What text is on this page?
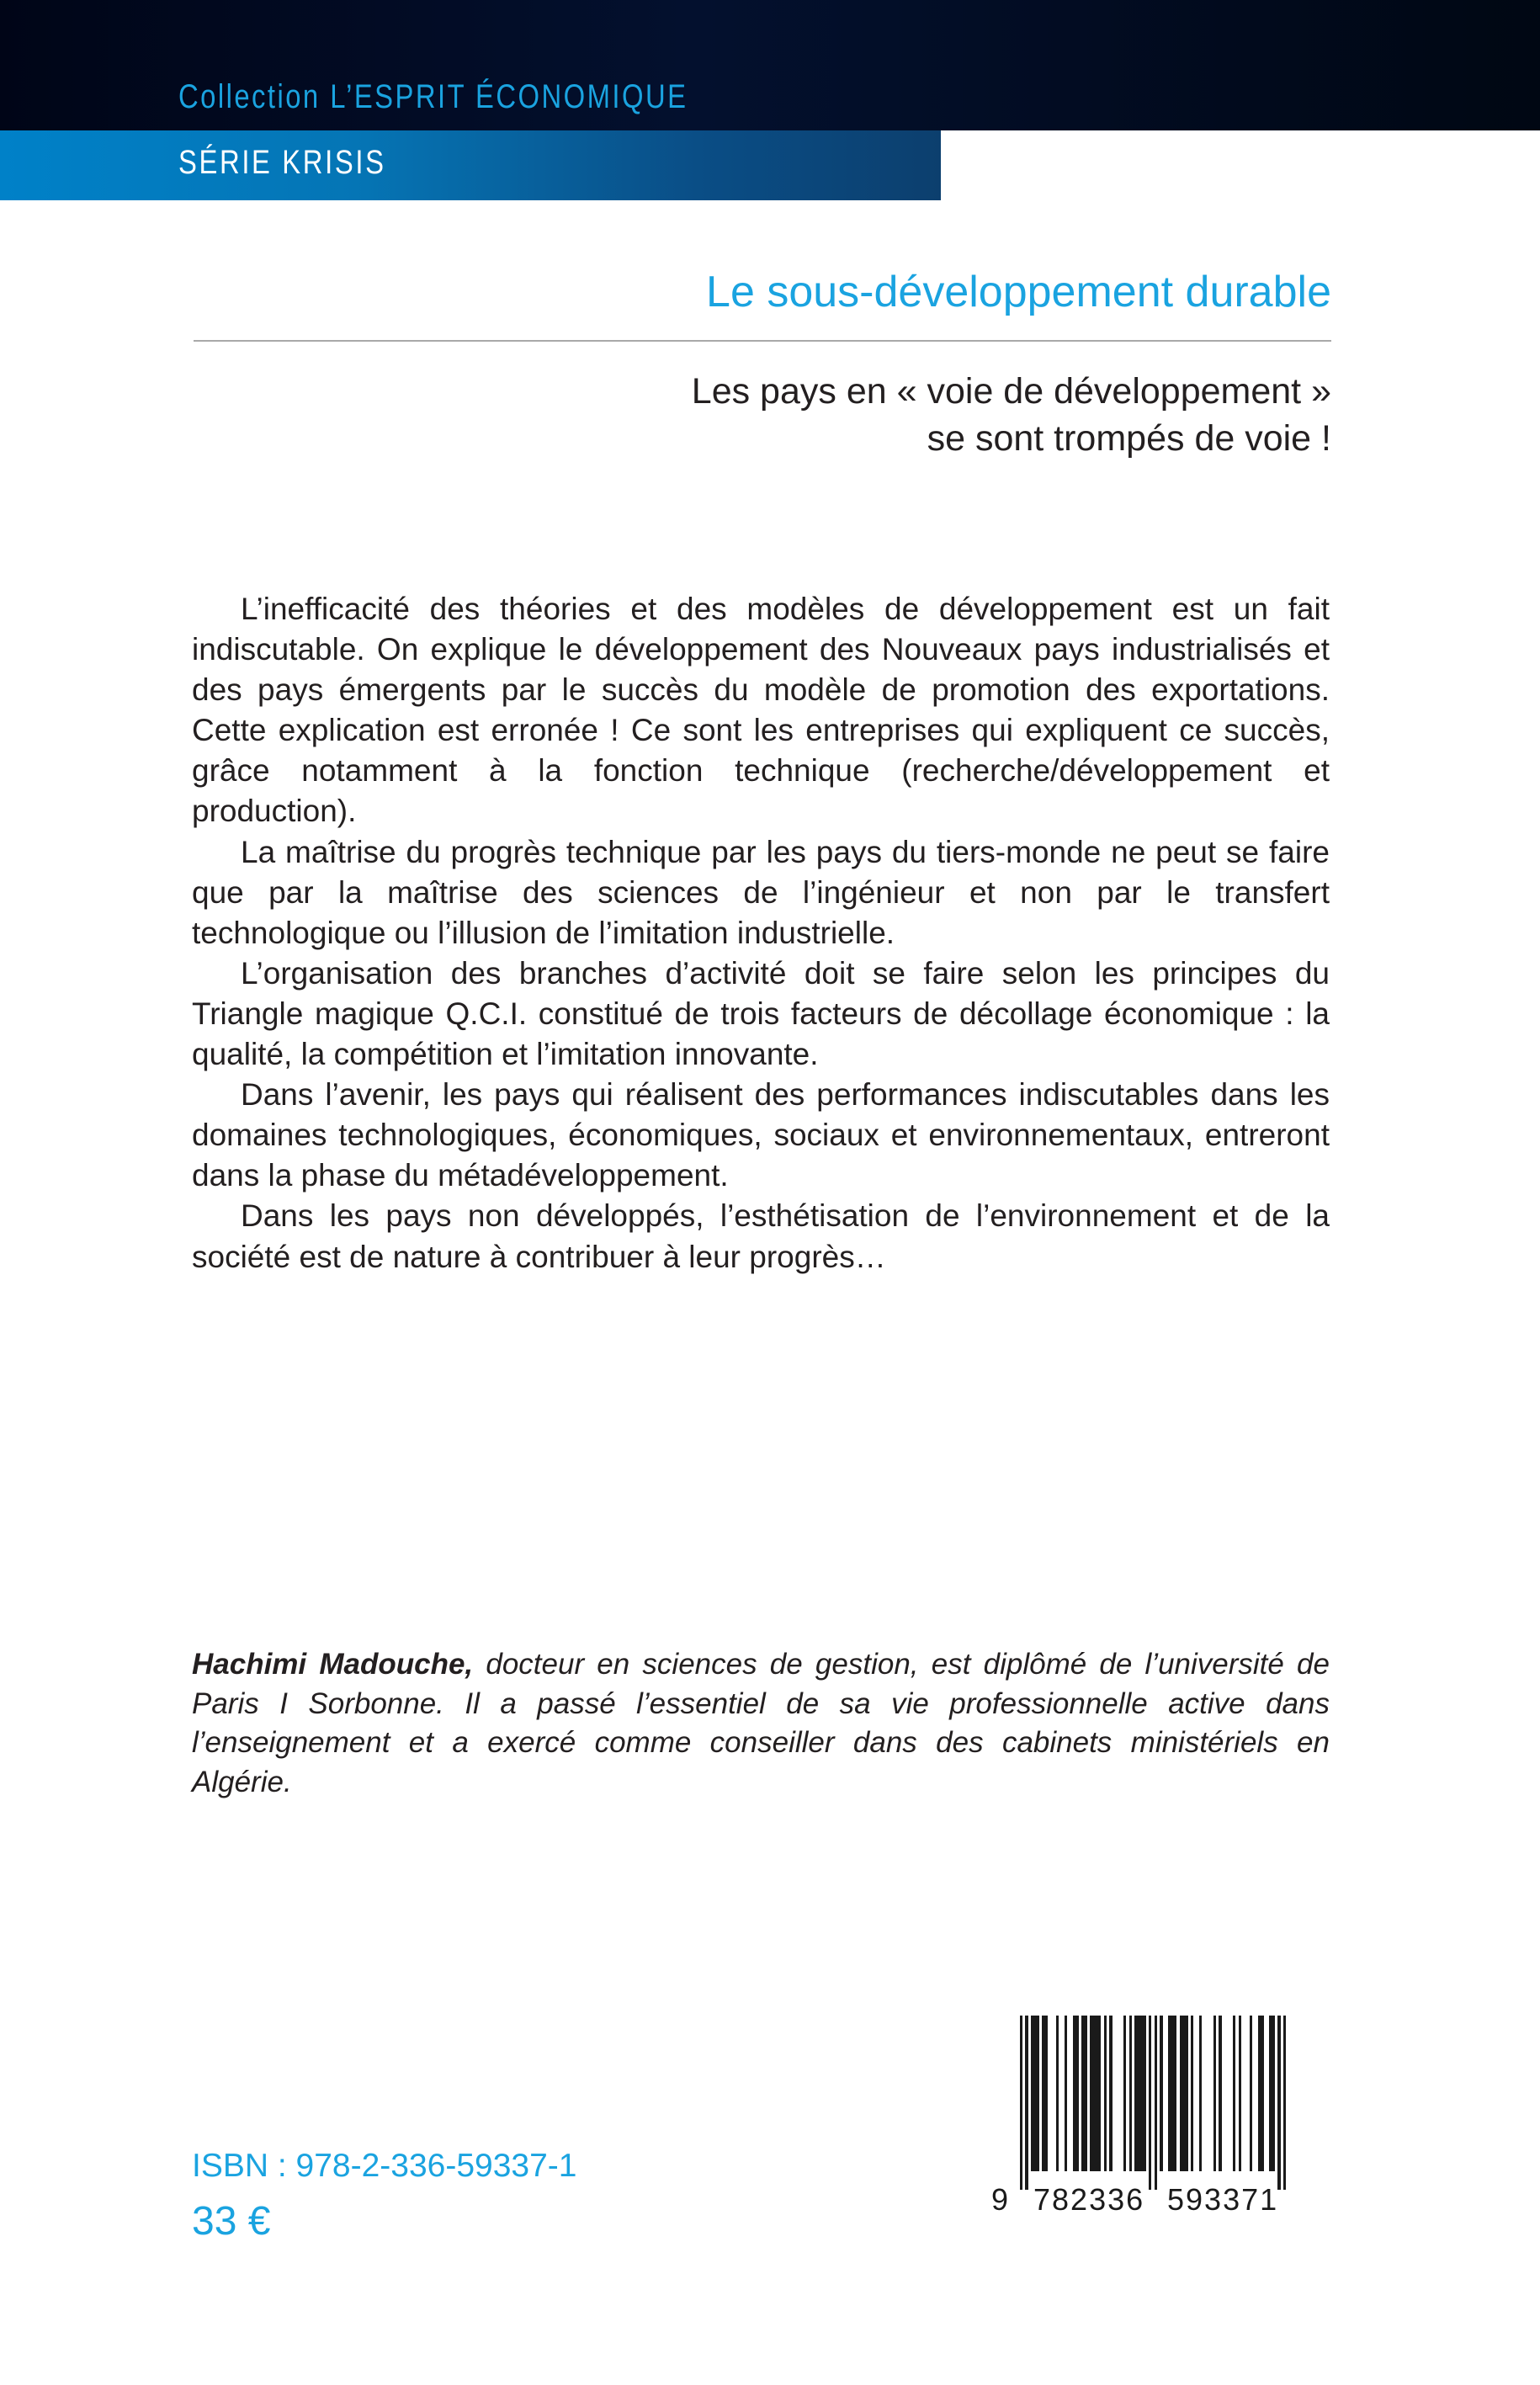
Collection L’ESPRIT ÉCONOMIQUE
SÉRIE KRISIS
Le sous-développement durable
Les pays en « voie de développement »
se sont trompés de voie !

L’inefficacité des théories et des modèles de développement est un fait indiscutable. On explique le développement des Nouveaux pays industrialisés et des pays émergents par le succès du modèle de promotion des exportations. Cette explication est erronée ! Ce sont les entreprises qui expliquent ce succès, grâce notamment à la fonction technique (recherche/développement et production).

La maîtrise du progrès technique par les pays du tiers-monde ne peut se faire que par la maîtrise des sciences de l’ingénieur et non par le transfert technologique ou l’illusion de l’imitation industrielle.

L’organisation des branches d’activité doit se faire selon les principes du Triangle magique Q.C.I. constitué de trois facteurs de décollage économique : la qualité, la compétition et l’imitation innovante.

Dans l’avenir, les pays qui réalisent des performances indiscutables dans les domaines technologiques, économiques, sociaux et environnementaux, entreront dans la phase du métadéveloppement.

Dans les pays non développés, l’esthétisation de l’environnement et de la société est de nature à contribuer à leur progrès…

Hachimi Madouche, docteur en sciences de gestion, est diplômé de l’université de Paris I Sorbonne. Il a passé l’essentiel de sa vie professionnelle active dans l’enseignement et a exercé comme conseiller dans des cabinets ministériels en Algérie.
ISBN : 978-2-336-59337-1
33 €	9 782336 593371
